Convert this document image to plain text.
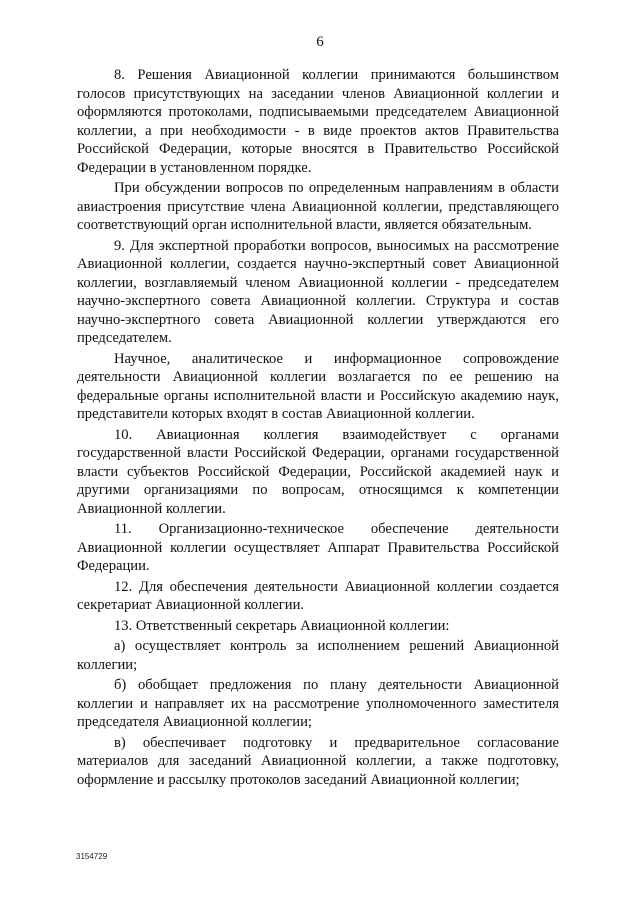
6

8. Решения Авиационной коллегии принимаются большинством голосов присутствующих на заседании членов Авиационной коллегии и оформляются протоколами, подписываемыми председателем Авиационной коллегии, а при необходимости - в виде проектов актов Правительства Российской Федерации, которые вносятся в Правительство Российской Федерации в установленном порядке.

При обсуждении вопросов по определенным направлениям в области авиастроения присутствие члена Авиационной коллегии, представляющего соответствующий орган исполнительной власти, является обязательным.

9. Для экспертной проработки вопросов, выносимых на рассмотрение Авиационной коллегии, создается научно-экспертный совет Авиационной коллегии, возглавляемый членом Авиационной коллегии - председателем научно-экспертного совета Авиационной коллегии. Структура и состав научно-экспертного совета Авиационной коллегии утверждаются его председателем.

Научное, аналитическое и информационное сопровождение деятельности Авиационной коллегии возлагается по ее решению на федеральные органы исполнительной власти и Российскую академию наук, представители которых входят в состав Авиационной коллегии.

10. Авиационная коллегия взаимодействует с органами государственной власти Российской Федерации, органами государственной власти субъектов Российской Федерации, Российской академией наук и другими организациями по вопросам, относящимся к компетенции Авиационной коллегии.

11. Организационно-техническое обеспечение деятельности Авиационной коллегии осуществляет Аппарат Правительства Российской Федерации.

12. Для обеспечения деятельности Авиационной коллегии создается секретариат Авиационной коллегии.

13. Ответственный секретарь Авиационной коллегии:

а) осуществляет контроль за исполнением решений Авиационной коллегии;

б) обобщает предложения по плану деятельности Авиационной коллегии и направляет их на рассмотрение уполномоченного заместителя председателя Авиационной коллегии;

в) обеспечивает подготовку и предварительное согласование материалов для заседаний Авиационной коллегии, а также подготовку, оформление и рассылку протоколов заседаний Авиационной коллегии;

3154729
